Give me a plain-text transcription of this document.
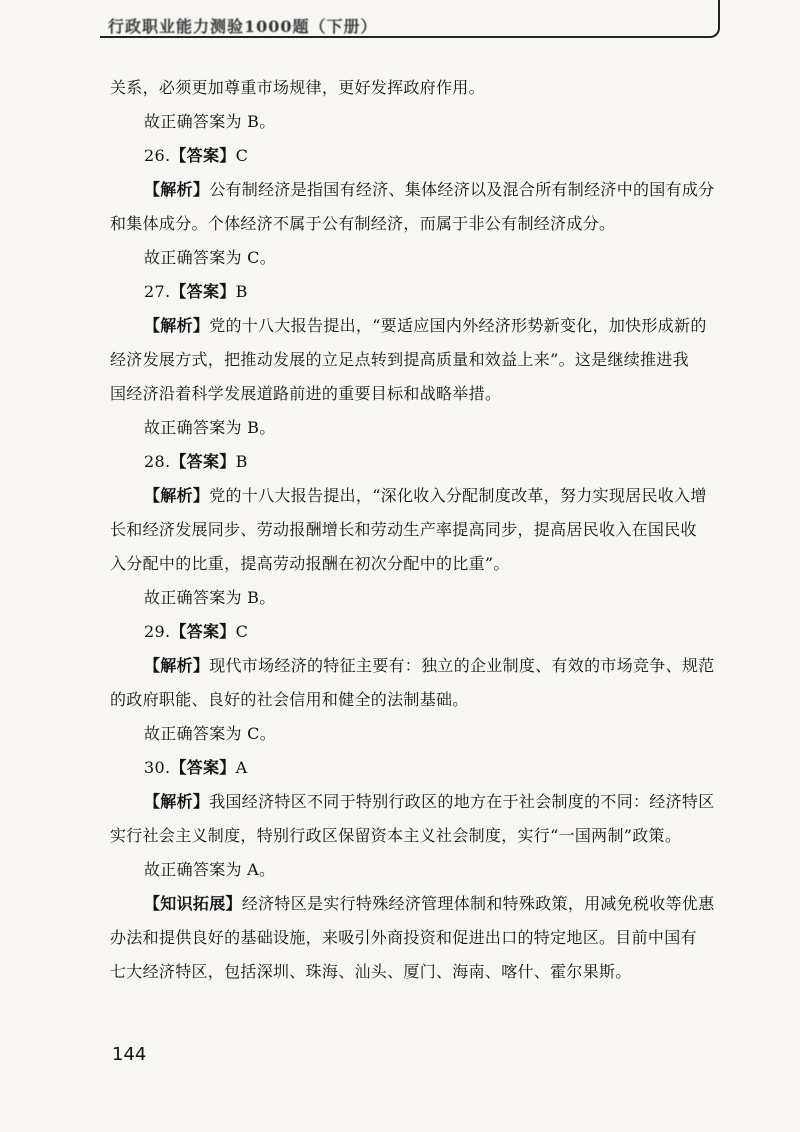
行政职业能力测验1000题（下册）
关系，必须更加尊重市场规律，更好发挥政府作用。
故正确答案为 B。
26.【答案】C
【解析】公有制经济是指国有经济、集体经济以及混合所有制经济中的国有成分
和集体成分。个体经济不属于公有制经济，而属于非公有制经济成分。
故正确答案为 C。
27.【答案】B
【解析】党的十八大报告提出，“要适应国内外经济形势新变化，加快形成新的
经济发展方式，把推动发展的立足点转到提高质量和效益上来”。这是继续推进我
国经济沿着科学发展道路前进的重要目标和战略举措。
故正确答案为 B。
28.【答案】B
【解析】党的十八大报告提出，“深化收入分配制度改革，努力实现居民收入增
长和经济发展同步、劳动报酬增长和劳动生产率提高同步，提高居民收入在国民收
入分配中的比重，提高劳动报酬在初次分配中的比重”。
故正确答案为 B。
29.【答案】C
【解析】现代市场经济的特征主要有：独立的企业制度、有效的市场竞争、规范
的政府职能、良好的社会信用和健全的法制基础。
故正确答案为 C。
30.【答案】A
【解析】我国经济特区不同于特别行政区的地方在于社会制度的不同：经济特区
实行社会主义制度，特别行政区保留资本主义社会制度，实行“一国两制”政策。
故正确答案为 A。
【知识拓展】经济特区是实行特殊经济管理体制和特殊政策，用减免税收等优惠
办法和提供良好的基础设施，来吸引外商投资和促进出口的特定地区。目前中国有
七大经济特区，包括深圳、珠海、汕头、厦门、海南、喀什、霍尔果斯。
144
